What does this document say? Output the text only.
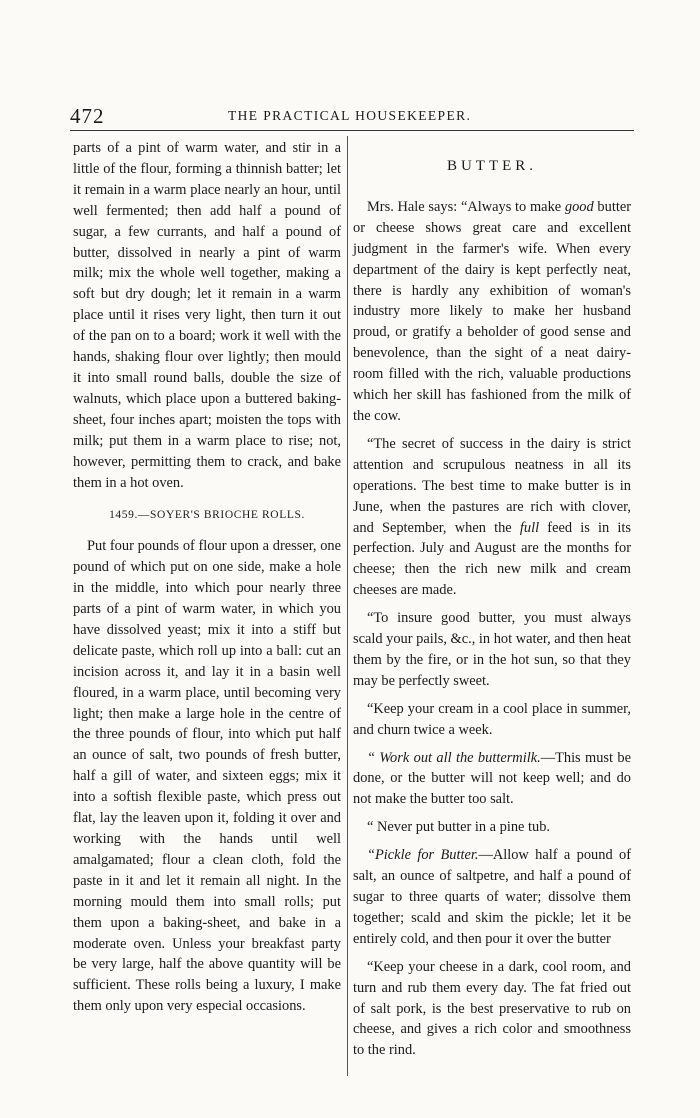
472	THE PRACTICAL HOUSEKEEPER.

parts of a pint of warm water, and stir in a little of the flour, forming a thinnish batter; let it remain in a warm place nearly an hour, until well fermented; then add half a pound of sugar, a few currants, and half a pound of butter, dissolved in nearly a pint of warm milk; mix the whole well together, making a soft but dry dough; let it remain in a warm place until it rises very light, then turn it out of the pan on to a board; work it well with the hands, shaking flour over lightly; then mould it into small round balls, double the size of walnuts, which place upon a buttered baking-sheet, four inches apart; moisten the tops with milk; put them in a warm place to rise; not, however, permitting them to crack, and bake them in a hot oven.

1459.—SOYER'S BRIOCHE ROLLS.

Put four pounds of flour upon a dresser, one pound of which put on one side, make a hole in the middle, into which pour nearly three parts of a pint of warm water, in which you have dissolved yeast; mix it into a stiff but delicate paste, which roll up into a ball: cut an incision across it, and lay it in a basin well floured, in a warm place, until becoming very light; then make a large hole in the centre of the three pounds of flour, into which put half an ounce of salt, two pounds of fresh butter, half a gill of water, and sixteen eggs; mix it into a softish flexible paste, which press out flat, lay the leaven upon it, folding it over and working with the hands until well amalgamated; flour a clean cloth, fold the paste in it and let it remain all night. In the morning mould them into small rolls; put them upon a baking-sheet, and bake in a moderate oven. Unless your breakfast party be very large, half the above quantity will be sufficient. These rolls being a luxury, I make them only upon very especial occasions.

BUTTER.

Mrs. Hale says: “Always to make good butter or cheese shows great care and excellent judgment in the farmer's wife. When every department of the dairy is kept perfectly neat, there is hardly any exhibition of woman's industry more likely to make her husband proud, or gratify a beholder of good sense and benevolence, than the sight of a neat dairy-room filled with the rich, valuable productions which her skill has fashioned from the milk of the cow.

“The secret of success in the dairy is strict attention and scrupulous neatness in all its operations. The best time to make butter is in June, when the pastures are rich with clover, and September, when the full feed is in its perfection. July and August are the months for cheese; then the rich new milk and cream cheeses are made.

“To insure good butter, you must always scald your pails, &c., in hot water, and then heat them by the fire, or in the hot sun, so that they may be perfectly sweet.

“Keep your cream in a cool place in summer, and churn twice a week.

“ Work out all the buttermilk.—This must be done, or the butter will not keep well; and do not make the butter too salt.

“ Never put butter in a pine tub.

“Pickle for Butter.—Allow half a pound of salt, an ounce of saltpetre, and half a pound of sugar to three quarts of water; dissolve them together; scald and skim the pickle; let it be entirely cold, and then pour it over the butter

“Keep your cheese in a dark, cool room, and turn and rub them every day. The fat fried out of salt pork, is the best preservative to rub on cheese, and gives a rich color and smoothness to the rind.
